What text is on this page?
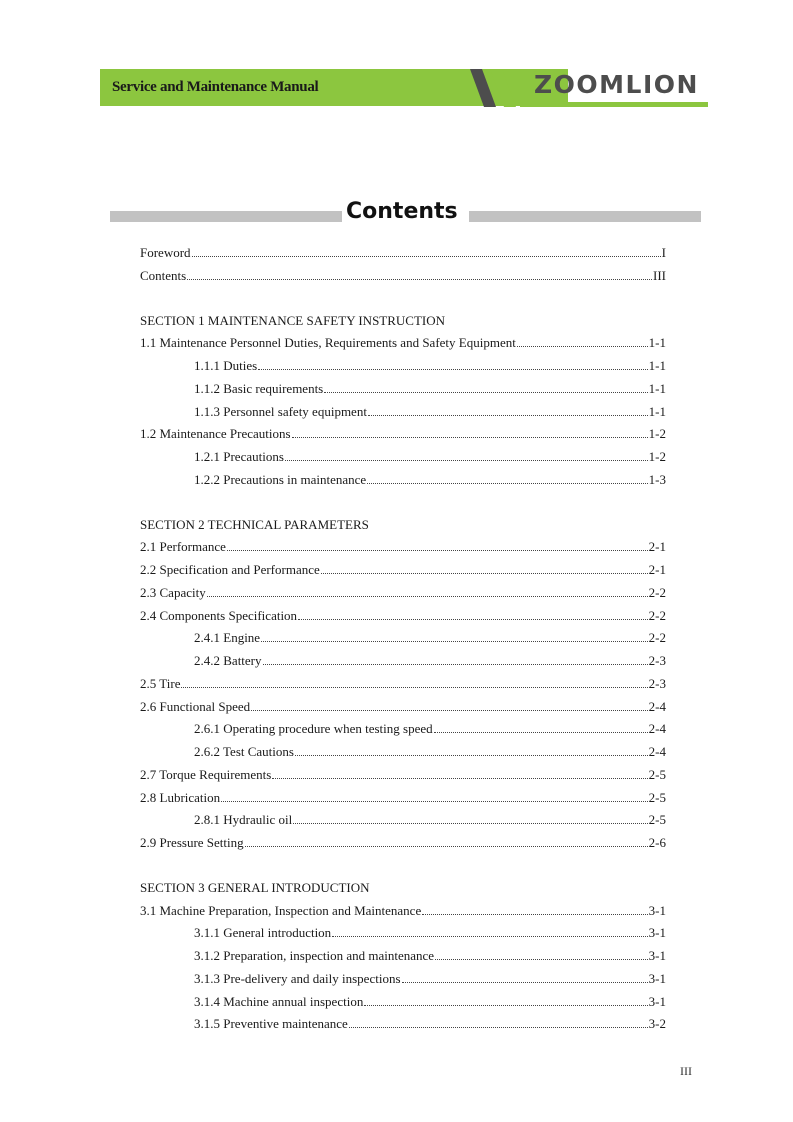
Service and Maintenance Manual	ZOOMLION
Contents
Foreword	I
Contents	III
SECTION 1 MAINTENANCE SAFETY INSTRUCTION
1.1 Maintenance Personnel Duties, Requirements and Safety Equipment	1-1
1.1.1 Duties	1-1
1.1.2 Basic requirements	1-1
1.1.3 Personnel safety equipment	1-1
1.2 Maintenance Precautions	1-2
1.2.1 Precautions	1-2
1.2.2 Precautions in maintenance	1-3
SECTION 2 TECHNICAL PARAMETERS
2.1 Performance	2-1
2.2 Specification and Performance	2-1
2.3 Capacity	2-2
2.4 Components Specification	2-2
2.4.1 Engine	2-2
2.4.2 Battery	2-3
2.5 Tire	2-3
2.6 Functional Speed	2-4
2.6.1 Operating procedure when testing speed	2-4
2.6.2 Test Cautions	2-4
2.7 Torque Requirements	2-5
2.8 Lubrication	2-5
2.8.1 Hydraulic oil	2-5
2.9 Pressure Setting	2-6
SECTION 3 GENERAL INTRODUCTION
3.1 Machine Preparation, Inspection and Maintenance	3-1
3.1.1 General introduction	3-1
3.1.2 Preparation, inspection and maintenance	3-1
3.1.3 Pre-delivery and daily inspections	3-1
3.1.4 Machine annual inspection	3-1
3.1.5 Preventive maintenance	3-2
III
